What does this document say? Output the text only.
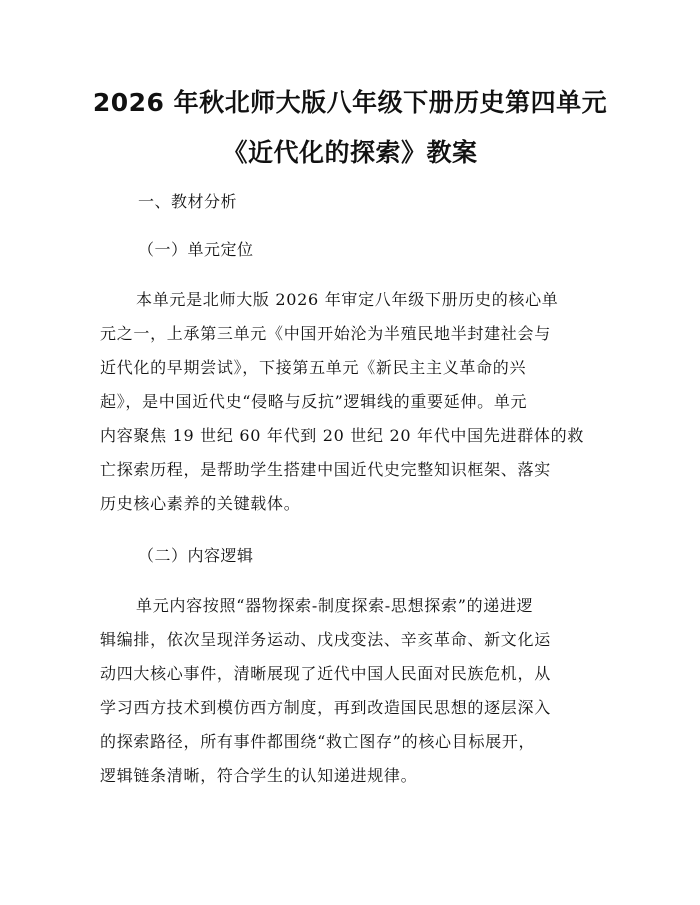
2026 年秋北师大版八年级下册历史第四单元
《近代化的探索》教案
一、教材分析
（一）单元定位
本单元是北师大版 2026 年审定八年级下册历史的核心单
元之一，上承第三单元《中国开始沦为半殖民地半封建社会与
近代化的早期尝试》，下接第五单元《新民主主义革命的兴
起》，是中国近代史“侵略与反抗”逻辑线的重要延伸。单元
内容聚焦 19 世纪 60 年代到 20 世纪 20 年代中国先进群体的救
亡探索历程，是帮助学生搭建中国近代史完整知识框架、落实
历史核心素养的关键载体。
（二）内容逻辑
单元内容按照“器物探索-制度探索-思想探索”的递进逻
辑编排，依次呈现洋务运动、戊戌变法、辛亥革命、新文化运
动四大核心事件，清晰展现了近代中国人民面对民族危机，从
学习西方技术到模仿西方制度，再到改造国民思想的逐层深入
的探索路径，所有事件都围绕“救亡图存”的核心目标展开，
逻辑链条清晰，符合学生的认知递进规律。
